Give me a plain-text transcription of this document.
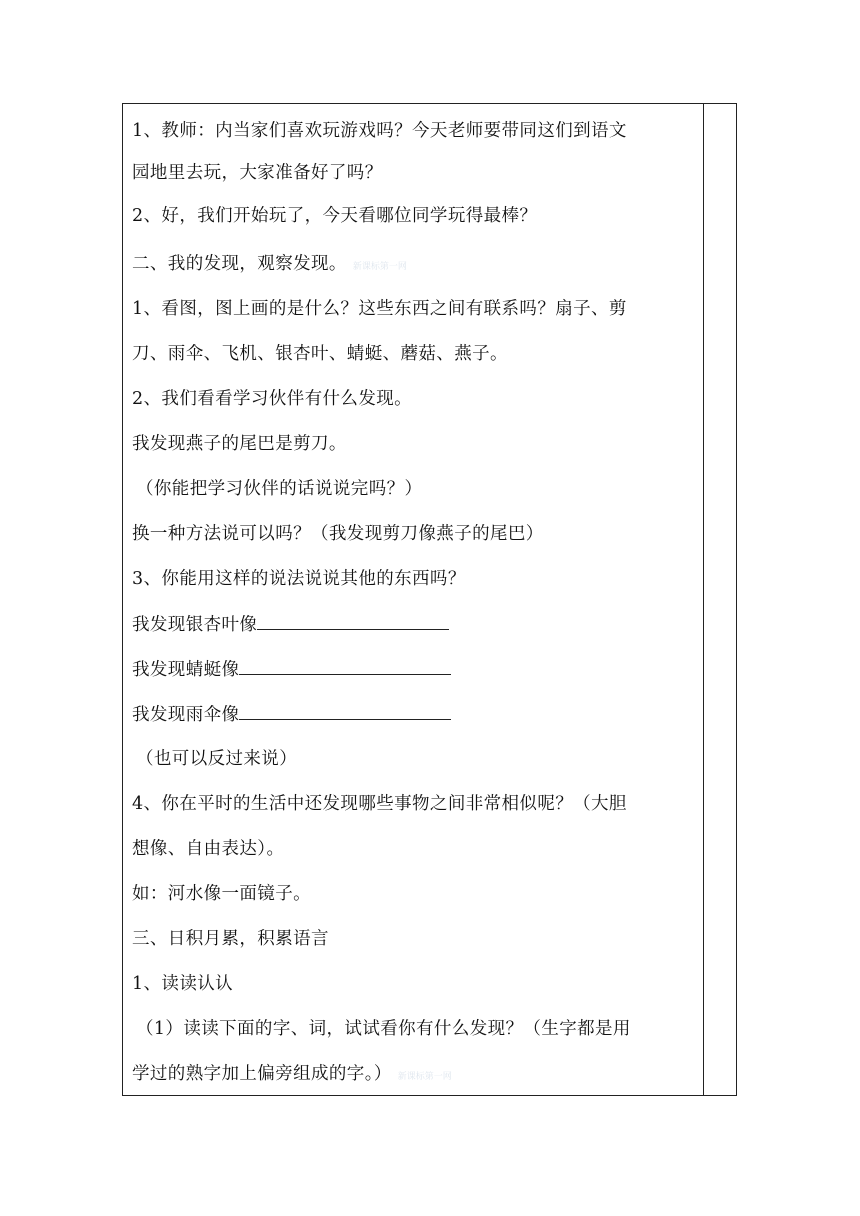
1、教师：内当家们喜欢玩游戏吗？今天老师要带同这们到语文
园地里去玩，大家准备好了吗？
2、好，我们开始玩了，今天看哪位同学玩得最棒？
二、我的发现，观察发现。 新课标第一网
1、看图，图上画的是什么？这些东西之间有联系吗？扇子、剪
刀、雨伞、飞机、银杏叶、蜻蜓、蘑菇、燕子。
2、我们看看学习伙伴有什么发现。
我发现燕子的尾巴是剪刀。
（你能把学习伙伴的话说说完吗？）
换一种方法说可以吗？（我发现剪刀像燕子的尾巴）
3、你能用这样的说法说说其他的东西吗？
我发现银杏叶像
我发现蜻蜓像
我发现雨伞像
（也可以反过来说）
4、你在平时的生活中还发现哪些事物之间非常相似呢？（大胆
想像、自由表达）。
如：河水像一面镜子。
三、日积月累，积累语言
1、读读认认
（1）读读下面的字、词，试试看你有什么发现？（生字都是用
学过的熟字加上偏旁组成的字。） 新课标第一网
